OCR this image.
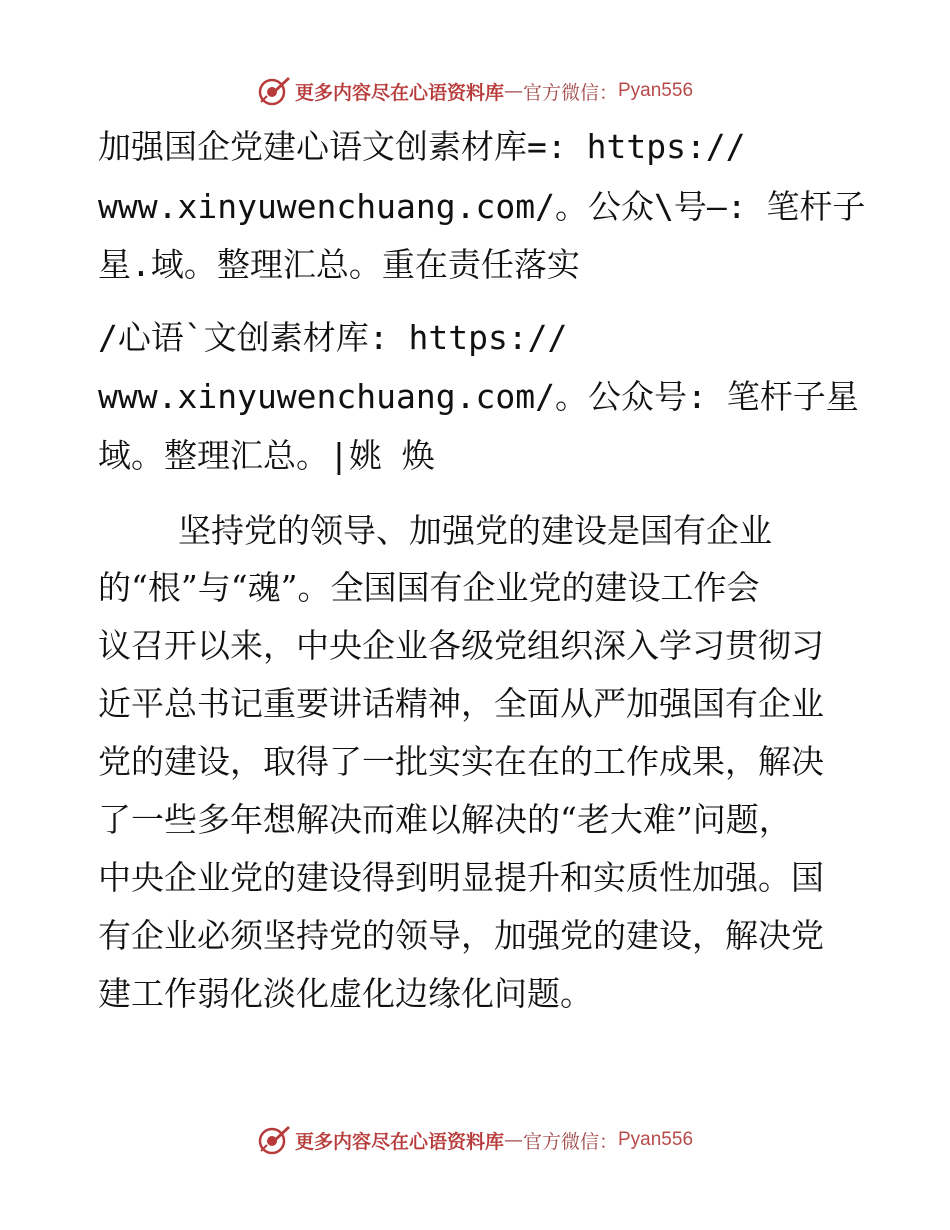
更多内容尽在心语资料库 — 官方微信： Pyan556
加强国企党建心语文创素材库=: https://
www.xinyuwenchuang.com/。公众\号—: 笔杆子
星.域。整理汇总。重在责任落实
/心语`文创素材库: https://
www.xinyuwenchuang.com/。公众号: 笔杆子星
域。整理汇总。|姚 焕
坚持党的领导、加强党的建设是国有企业
的“根”与“魂”。全国国有企业党的建设工作会
议召开以来，中央企业各级党组织深入学习贯彻习
近平总书记重要讲话精神，全面从严加强国有企业
党的建设，取得了一批实实在在的工作成果，解决
了一些多年想解决而难以解决的“老大难”问题，
中央企业党的建设得到明显提升和实质性加强。国
有企业必须坚持党的领导，加强党的建设，解决党
建工作弱化淡化虚化边缘化问题。
更多内容尽在心语资料库 — 官方微信： Pyan556
